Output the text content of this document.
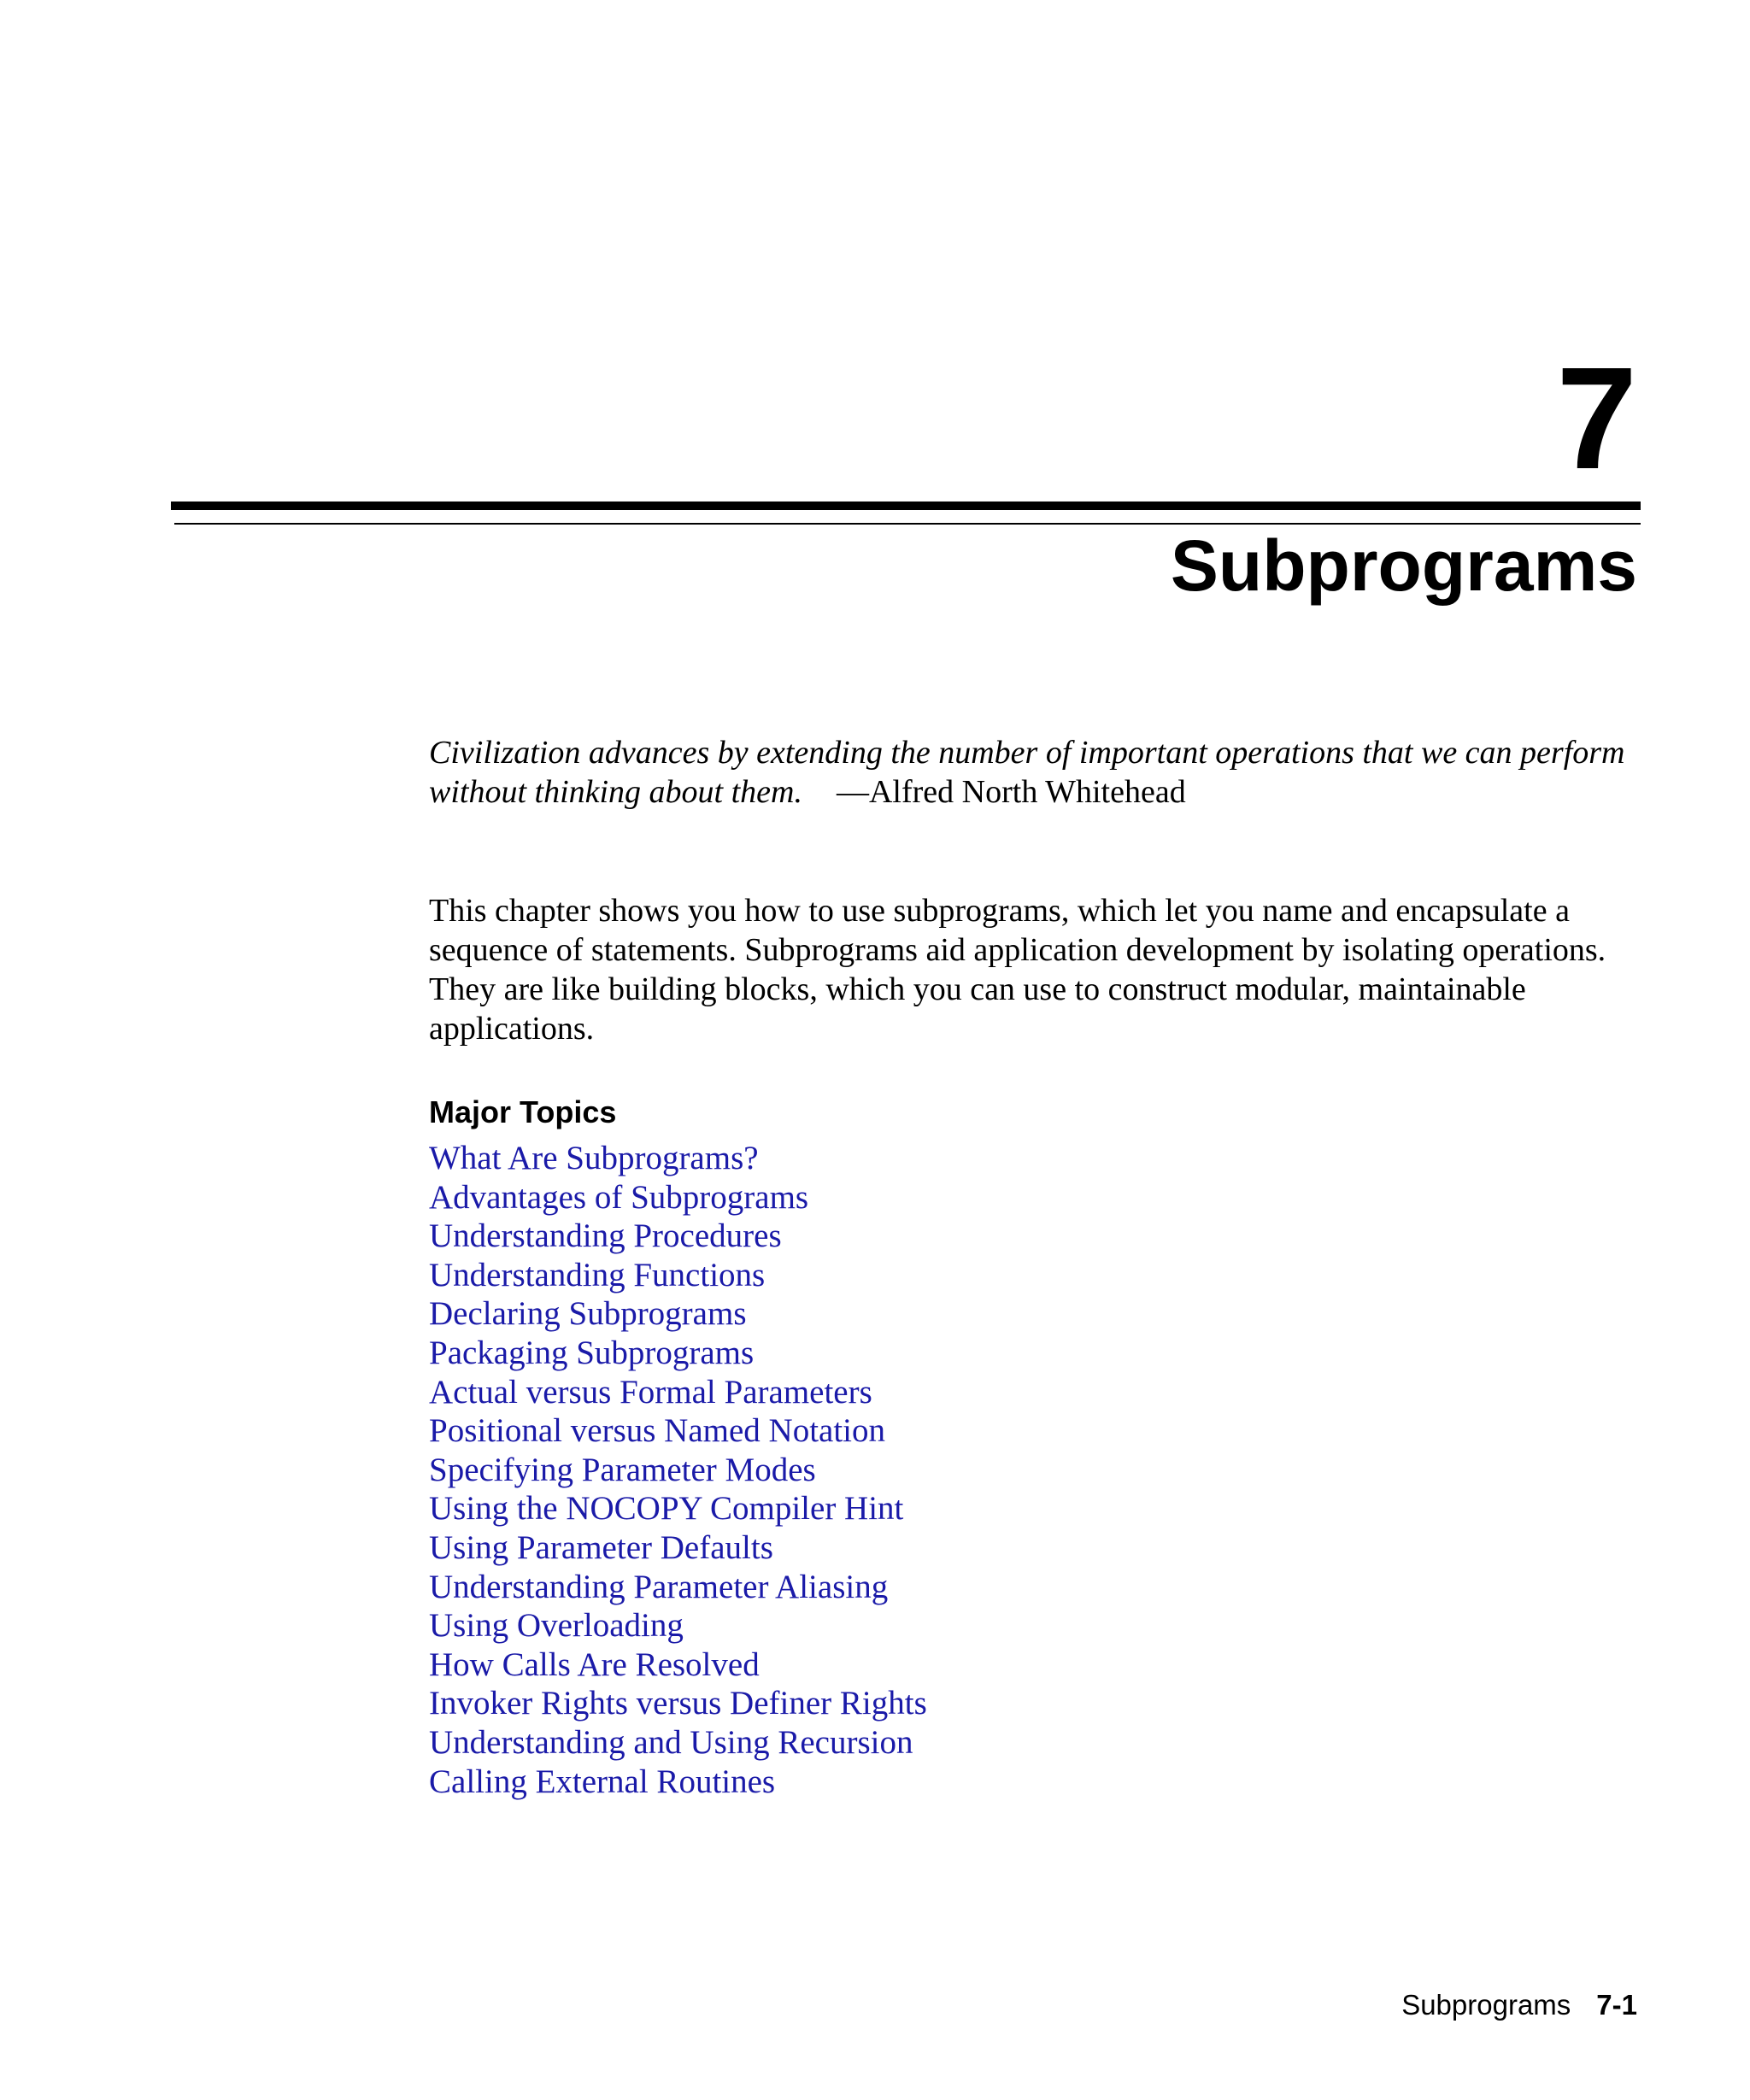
7
Subprograms
Civilization advances by extending the number of important operations that we can perform without thinking about them. —Alfred North Whitehead

This chapter shows you how to use subprograms, which let you name and encapsulate a sequence of statements. Subprograms aid application development by isolating operations. They are like building blocks, which you can use to construct modular, maintainable applications.

Major Topics
What Are Subprograms?
Advantages of Subprograms
Understanding Procedures
Understanding Functions
Declaring Subprograms
Packaging Subprograms
Actual versus Formal Parameters
Positional versus Named Notation
Specifying Parameter Modes
Using the NOCOPY Compiler Hint
Using Parameter Defaults
Understanding Parameter Aliasing
Using Overloading
How Calls Are Resolved
Invoker Rights versus Definer Rights
Understanding and Using Recursion
Calling External Routines
Subprograms 7-1
